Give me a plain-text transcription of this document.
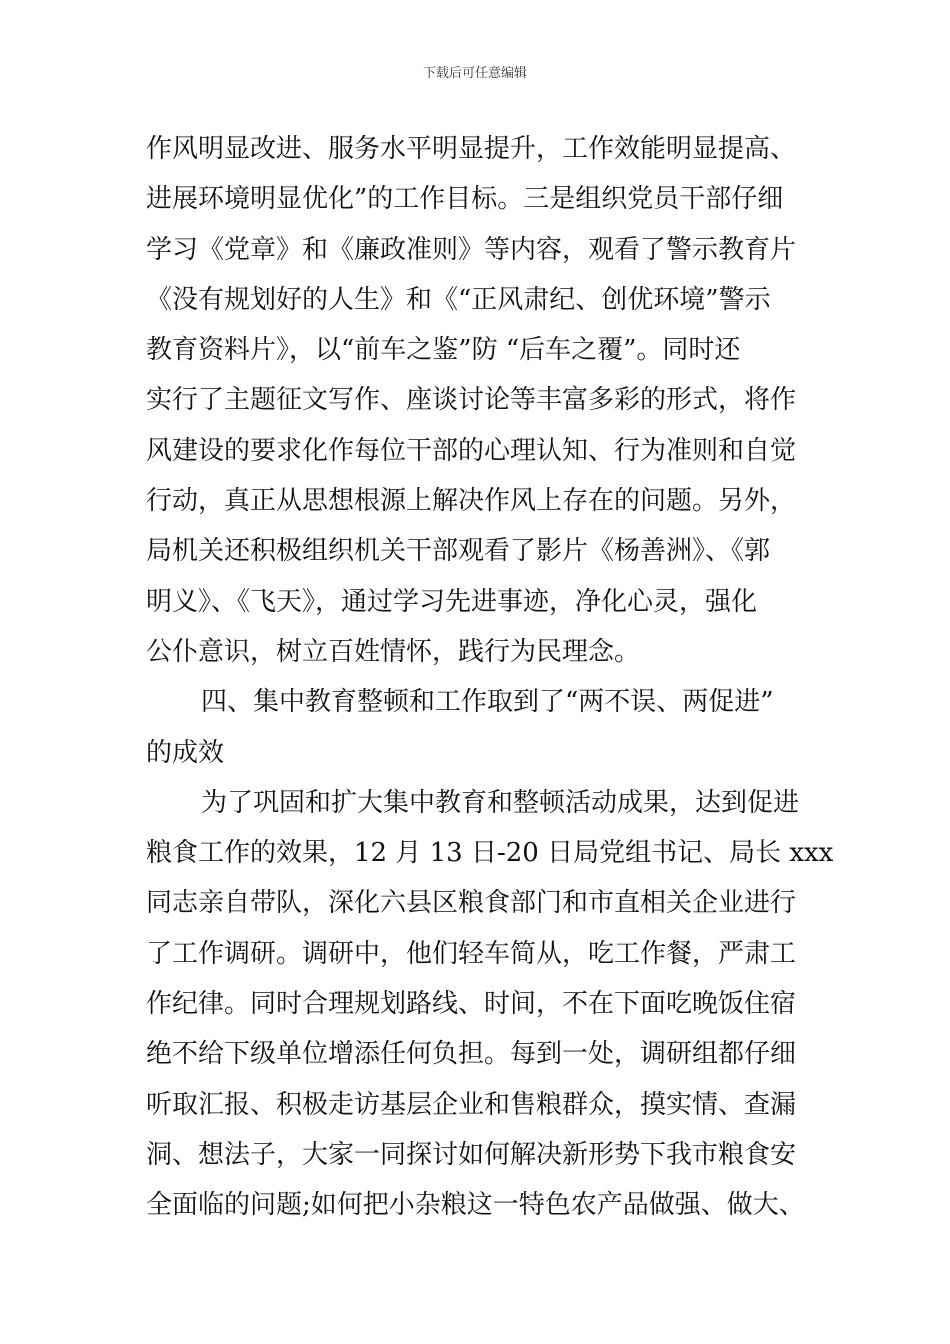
下载后可任意编辑
作风明显改进、服务水平明显提升，工作效能明显提高、
进展环境明显优化”的工作目标。三是组织党员干部仔细
学习《党章》和《廉政准则》等内容，观看了警示教育片
《没有规划好的人生》和《“正风肃纪、创优环境”警示
教育资料片》，以“前车之鉴”防 “后车之覆”。同时还
实行了主题征文写作、座谈讨论等丰富多彩的形式，将作
风建设的要求化作每位干部的心理认知、行为准则和自觉
行动，真正从思想根源上解决作风上存在的问题。另外，
局机关还积极组织机关干部观看了影片《杨善洲》、《郭
明义》、《飞天》，通过学习先进事迹，净化心灵，强化
公仆意识，树立百姓情怀，践行为民理念。
四、集中教育整顿和工作取到了“两不误、两促进”
的成效
为了巩固和扩大集中教育和整顿活动成果，达到促进
粮食工作的效果，12 月 13 日-20 日局党组书记、局长 xxx
同志亲自带队，深化六县区粮食部门和市直相关企业进行
了工作调研。调研中，他们轻车简从，吃工作餐，严肃工
作纪律。同时合理规划路线、时间，不在下面吃晚饭住宿
绝不给下级单位增添任何负担。每到一处，调研组都仔细
听取汇报、积极走访基层企业和售粮群众，摸实情、查漏
洞、想法子，大家一同探讨如何解决新形势下我市粮食安
全面临的问题;如何把小杂粮这一特色农产品做强、做大、
